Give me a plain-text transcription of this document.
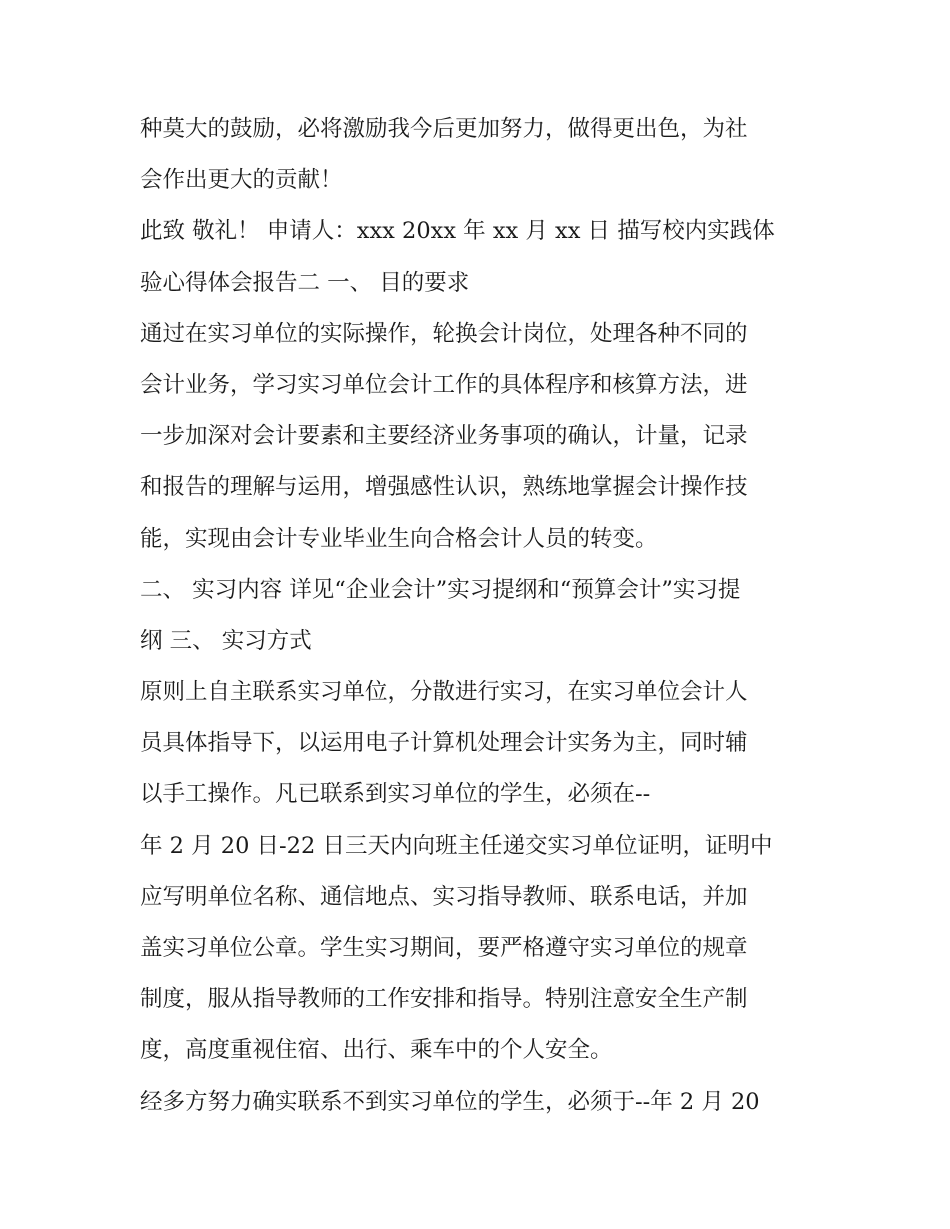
种莫大的鼓励，必将激励我今后更加努力，做得更出色，为社

会作出更大的贡献！

此致 敬礼！ 申请人：xxx 20xx 年 xx 月 xx 日 描写校内实践体

验心得体会报告二 一、 目的要求

通过在实习单位的实际操作，轮换会计岗位，处理各种不同的

会计业务，学习实习单位会计工作的具体程序和核算方法，进

一步加深对会计要素和主要经济业务事项的确认，计量，记录

和报告的理解与运用，增强感性认识，熟练地掌握会计操作技

能，实现由会计专业毕业生向合格会计人员的转变。

二、 实习内容 详见“企业会计”实习提纲和“预算会计”实习提

纲 三、 实习方式

原则上自主联系实习单位，分散进行实习，在实习单位会计人

员具体指导下，以运用电子计算机处理会计实务为主，同时辅

以手工操作。凡已联系到实习单位的学生，必须在--

年 2 月 20 日-22 日三天内向班主任递交实习单位证明，证明中

应写明单位名称、通信地点、实习指导教师、联系电话，并加

盖实习单位公章。学生实习期间，要严格遵守实习单位的规章

制度，服从指导教师的工作安排和指导。特别注意安全生产制

度，高度重视住宿、出行、乘车中的个人安全。

经多方努力确实联系不到实习单位的学生，必须于--年 2 月 20
